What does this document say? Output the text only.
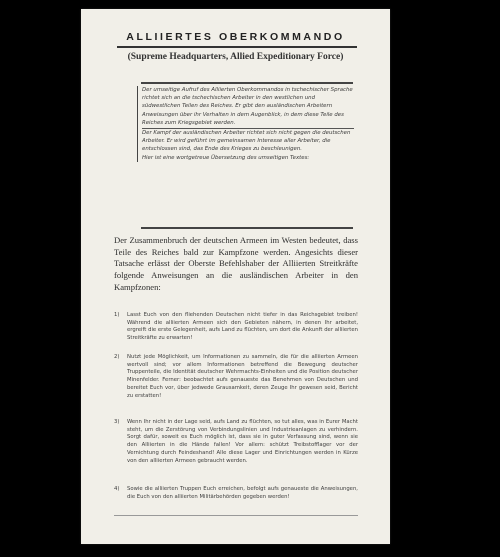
ALLIIERTES OBERKOMMANDO
(Supreme Headquarters, Allied Expeditionary Force)

Der umseitige Aufruf des Alliierten Oberkommandos in tschechischer Sprache richtet sich an die tschechischen Arbeiter in den westlichen und südwestlichen Teilen des Reiches. Er gibt den ausländischen Arbeitern Anweisungen über ihr Verhalten in dem Augenblick, in dem diese Teile des Reiches zum Kriegsgebiet werden.

Der Kampf der ausländischen Arbeiter richtet sich nicht gegen die deutschen Arbeiter. Er wird geführt im gemeinsamen Interesse aller Arbeiter, die entschlossen sind, das Ende des Krieges zu beschleunigen.

Hier ist eine wortgetreue Übersetzung des umseitigen Textes:

Der Zusammenbruch der deutschen Armeen im Westen bedeutet, dass Teile des Reiches bald zur Kampfzone werden. Angesichts dieser Tatsache erlässt der Oberste Befehlshaber der Alliierten Streitkräfte folgende Anweisungen an die ausländischen Arbeiter in den Kampfzonen:
1)	Lasst Euch von den fliehenden Deutschen nicht tiefer in das Reichsgebiet treiben! Während die alliierten Armeen sich den Gebieten nähern, in denen Ihr arbeitet, ergreift die erste Gelegenheit, aufs Land zu flüchten, um dort die Ankunft der alliierten Streitkräfte zu erwarten!
2)	Nutzt jede Möglichkeit, um Informationen zu sammeln, die für die alliierten Armeen wertvoll sind; vor allem Informationen betreffend die Bewegung deutscher Truppenteile, die Identität deutscher Wehrmachts-Einheiten und die Position deutscher Minenfelder. Ferner: beobachtet aufs genaueste das Benehmen von Deutschen und bereitet Euch vor, über jedwede Grausamkeit, deren Zeuge Ihr gewesen seid, Bericht zu erstatten!
3)	Wenn Ihr nicht in der Lage seid, aufs Land zu flüchten, so tut alles, was in Eurer Macht steht, um die Zerstörung von Verbindungslinien und Industrieanlagen zu verhindern. Sorgt dafür, soweit es Euch möglich ist, dass sie in guter Verfassung sind, wenn sie den Alliierten in die Hände fallen! Vor allem: schützt Treibstofflager vor der Vernichtung durch Feindeshand! Alle diese Lager und Einrichtungen werden in Kürze von den alliierten Armeen gebraucht werden.
4)	Sowie die alliierten Truppen Euch erreichen, befolgt aufs genaueste die Anweisungen, die Euch von den alliierten Militärbehörden gegeben werden!
